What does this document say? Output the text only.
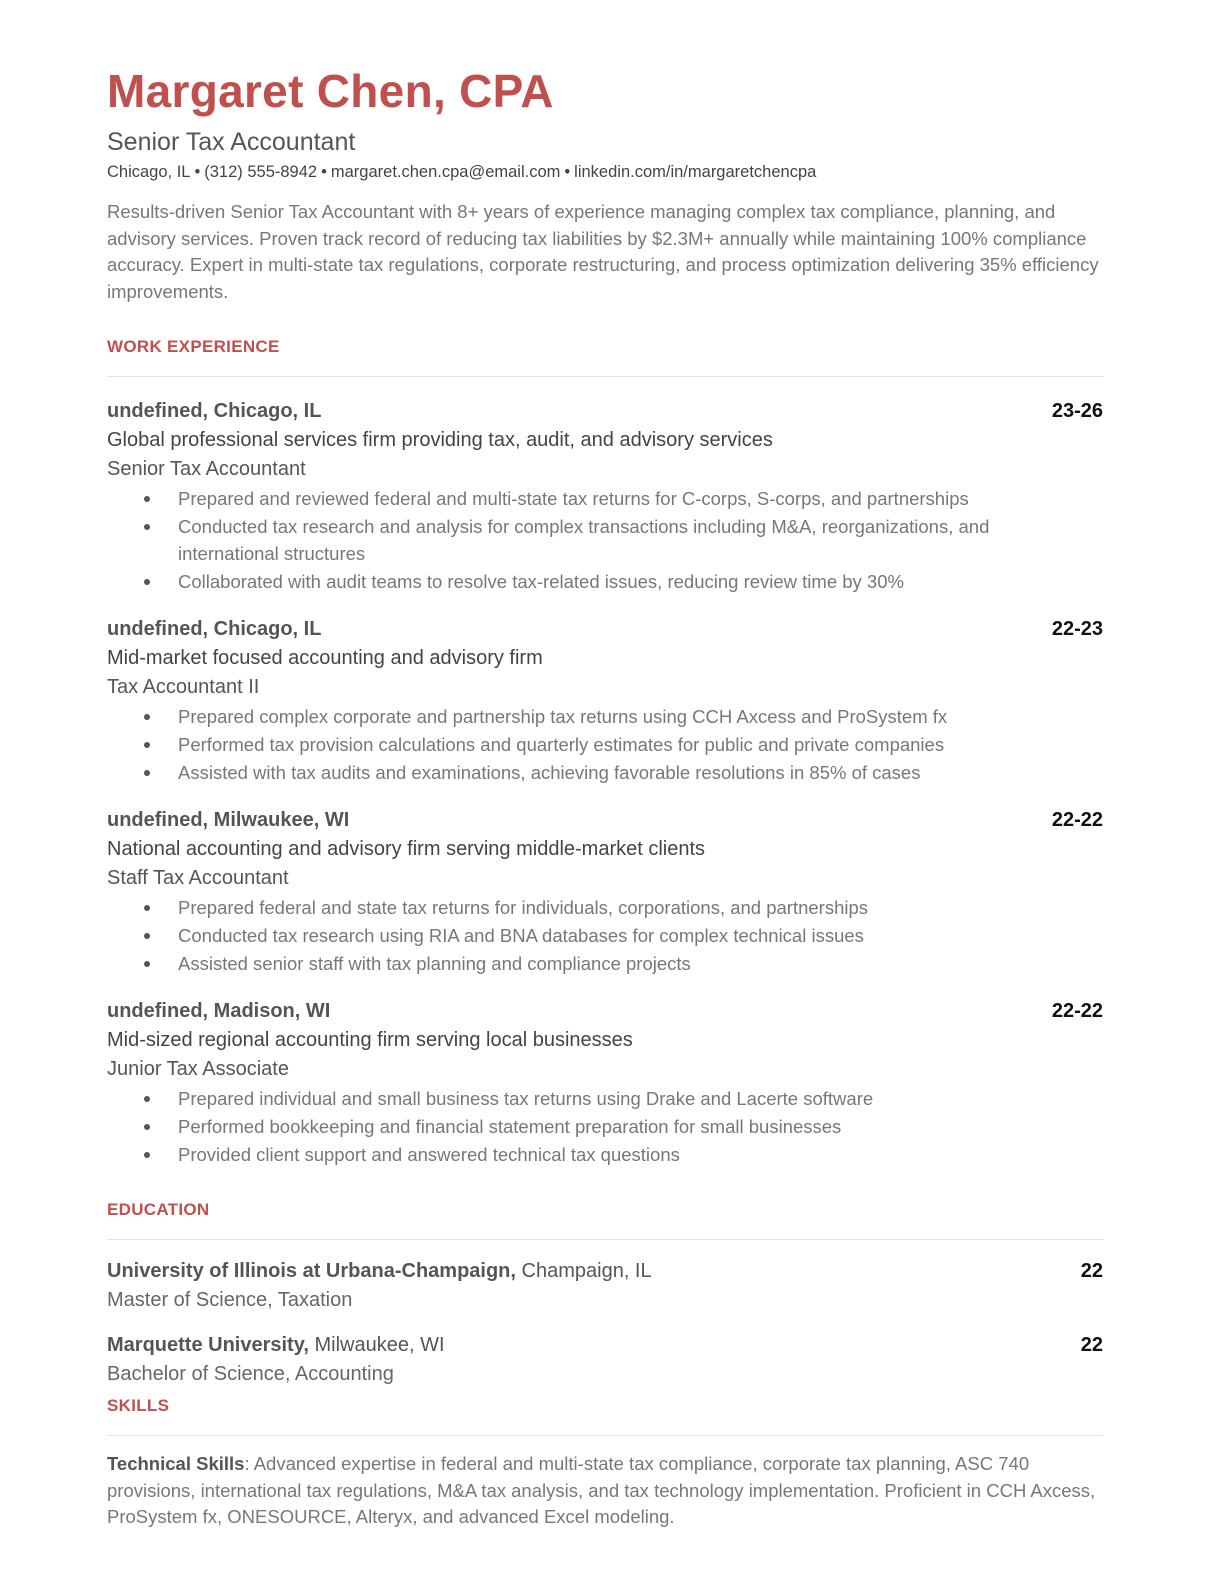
Margaret Chen, CPA
Senior Tax Accountant
Chicago, IL • (312) 555-8942 • margaret.chen.cpa@email.com • linkedin.com/in/margaretchencpa
Results-driven Senior Tax Accountant with 8+ years of experience managing complex tax compliance, planning, and advisory services. Proven track record of reducing tax liabilities by $2.3M+ annually while maintaining 100% compliance accuracy. Expert in multi-state tax regulations, corporate restructuring, and process optimization delivering 35% efficiency improvements.
WORK EXPERIENCE
undefined, Chicago, IL	23-26
Global professional services firm providing tax, audit, and advisory services
Senior Tax Accountant
Prepared and reviewed federal and multi-state tax returns for C-corps, S-corps, and partnerships
Conducted tax research and analysis for complex transactions including M&A, reorganizations, and international structures
Collaborated with audit teams to resolve tax-related issues, reducing review time by 30%
undefined, Chicago, IL	22-23
Mid-market focused accounting and advisory firm
Tax Accountant II
Prepared complex corporate and partnership tax returns using CCH Axcess and ProSystem fx
Performed tax provision calculations and quarterly estimates for public and private companies
Assisted with tax audits and examinations, achieving favorable resolutions in 85% of cases
undefined, Milwaukee, WI	22-22
National accounting and advisory firm serving middle-market clients
Staff Tax Accountant
Prepared federal and state tax returns for individuals, corporations, and partnerships
Conducted tax research using RIA and BNA databases for complex technical issues
Assisted senior staff with tax planning and compliance projects
undefined, Madison, WI	22-22
Mid-sized regional accounting firm serving local businesses
Junior Tax Associate
Prepared individual and small business tax returns using Drake and Lacerte software
Performed bookkeeping and financial statement preparation for small businesses
Provided client support and answered technical tax questions
EDUCATION
University of Illinois at Urbana-Champaign, Champaign, IL	22
Master of Science, Taxation
Marquette University, Milwaukee, WI	22
Bachelor of Science, Accounting
SKILLS
Technical Skills: Advanced expertise in federal and multi-state tax compliance, corporate tax planning, ASC 740 provisions, international tax regulations, M&A tax analysis, and tax technology implementation. Proficient in CCH Axcess, ProSystem fx, ONESOURCE, Alteryx, and advanced Excel modeling.
